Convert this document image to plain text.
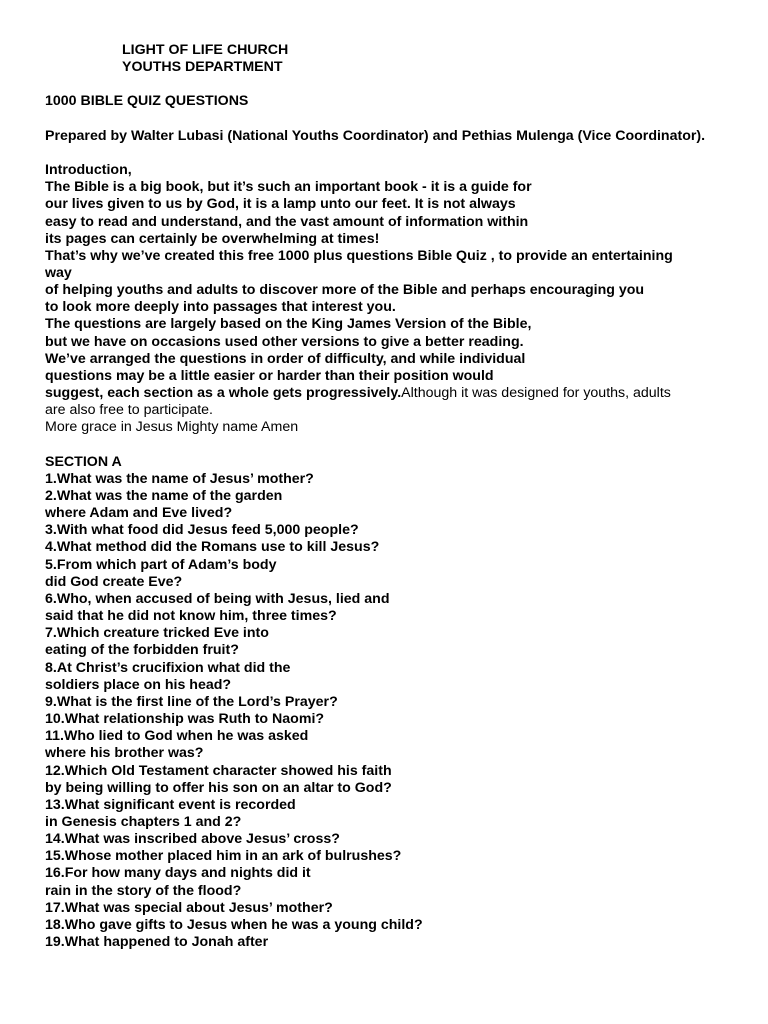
LIGHT OF LIFE CHURCH
YOUTHS DEPARTMENT
1000 BIBLE QUIZ QUESTIONS
Prepared by Walter Lubasi (National Youths Coordinator) and Pethias Mulenga (Vice Coordinator).
Introduction,
The Bible is a big book, but it’s such an important book - it is a guide for
our lives given to us by God, it is a lamp unto our feet. It is not always
easy to read and understand, and the vast amount of information within
its pages can certainly be overwhelming at times!
That’s why we’ve created this free 1000 plus questions Bible Quiz , to provide an entertaining
way
of helping youths and adults to discover more of the Bible and perhaps encouraging you
to look more deeply into passages that interest you.
The questions are largely based on the King James Version of the Bible,
but we have on occasions used other versions to give a better reading.
We’ve arranged the questions in order of difficulty, and while individual
questions may be a little easier or harder than their position would
suggest, each section as a whole gets progressively.Although it was designed for youths, adults
are also free to participate.
More grace in Jesus Mighty name Amen
SECTION A
1.What was the name of Jesus’ mother?
2.What was the name of the garden
where Adam and Eve lived?
3.With what food did Jesus feed 5,000 people?
4.What method did the Romans use to kill Jesus?
5.From which part of Adam’s body
did God create Eve?
6.Who, when accused of being with Jesus, lied and
said that he did not know him, three times?
7.Which creature tricked Eve into
eating of the forbidden fruit?
8.At Christ’s crucifixion what did the
soldiers place on his head?
9.What is the first line of the Lord’s Prayer?
10.What relationship was Ruth to Naomi?
11.Who lied to God when he was asked
where his brother was?
12.Which Old Testament character showed his faith
by being willing to offer his son on an altar to God?
13.What significant event is recorded
in Genesis chapters 1 and 2?
14.What was inscribed above Jesus’ cross?
15.Whose mother placed him in an ark of bulrushes?
16.For how many days and nights did it
rain in the story of the flood?
17.What was special about Jesus’ mother?
18.Who gave gifts to Jesus when he was a young child?
19.What happened to Jonah after
